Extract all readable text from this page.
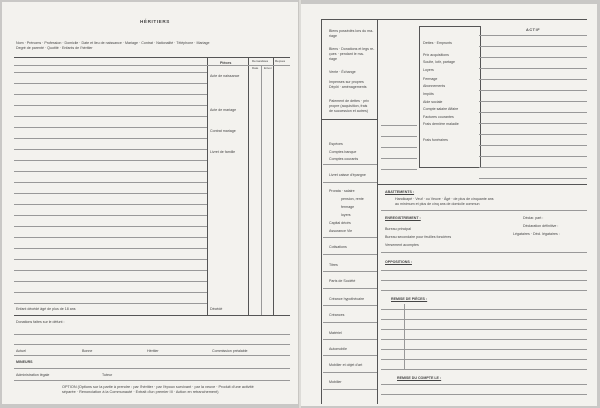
HÉRITIERS
Nom · Prénoms · Profession · Domicile · Date et lieu de naissance · Mariage · Contrat · Nationalité · Téléphone · Mariage
Degré de parenté · Quotité · Enfants de l'héritier
Pièces	Demandées Reçues
Date Envoi
Acte de naissance
Acte de mariage
Contrat mariage
Livret de famille
Décédé
Enfant décédé âgé de plus de 18 ans
Donations faites sur le défunt :
Actuel	Bonne	Héritier	Commission préalable
MINEURS
Administration légale	Tuteur
OPTION (Options sur la partie à prendre : par l'héritier · par l'époux survivant · par la veuve · Produit d'une activité
séparée · Renonciation à la Communauté · Extrait d'un premier III · Action en retranchement)
Biens possédés lors du ma-
riage
Biens · Donations et legs re-
çues · pendant le ma-
riage
Vente · Échange
Impenses sur propres
Dépôt · aménagements
Paiement de dettes · prix
propre (acquisition, frais
de succession et autres)
ACTIF
Dettes · Emprunts
Prix acquisitions
Soulte, lotir, partage
Loyers
Fermage
Abonnements
Impôts
Aide sociale
Compte salaire Affaire
Factures courantes
Frais dernière maladie
Frais funéraires
Espèces
Comptes banque
Comptes courants
Livret caisse d'épargne
Prorata · salaire
pension, rente
fermage
loyers
Capital décès
Assurance Vie
Cotisations
Titres
Parts de Société
Créance hypothécaire
Créances
Matériel
Automobile
Mobilier et objet d'art
Mobilier
ABATTEMENTS :
Handicapé · Veuf · ou Veuve · Âgé · de plus de cinquante ans
au minimum et plus de cinq ans de domicile commun
ENREGISTREMENT :
Bureau principal
Bureau secondaire pour feuilles foncières
Versement acomptes
Déclar. part :
Déclaration définitive :
Légataires · Décl. légataires :
OPPOSITIONS :
REMISE DE PIÈCES :
REMISE DU COMPTE LE :
